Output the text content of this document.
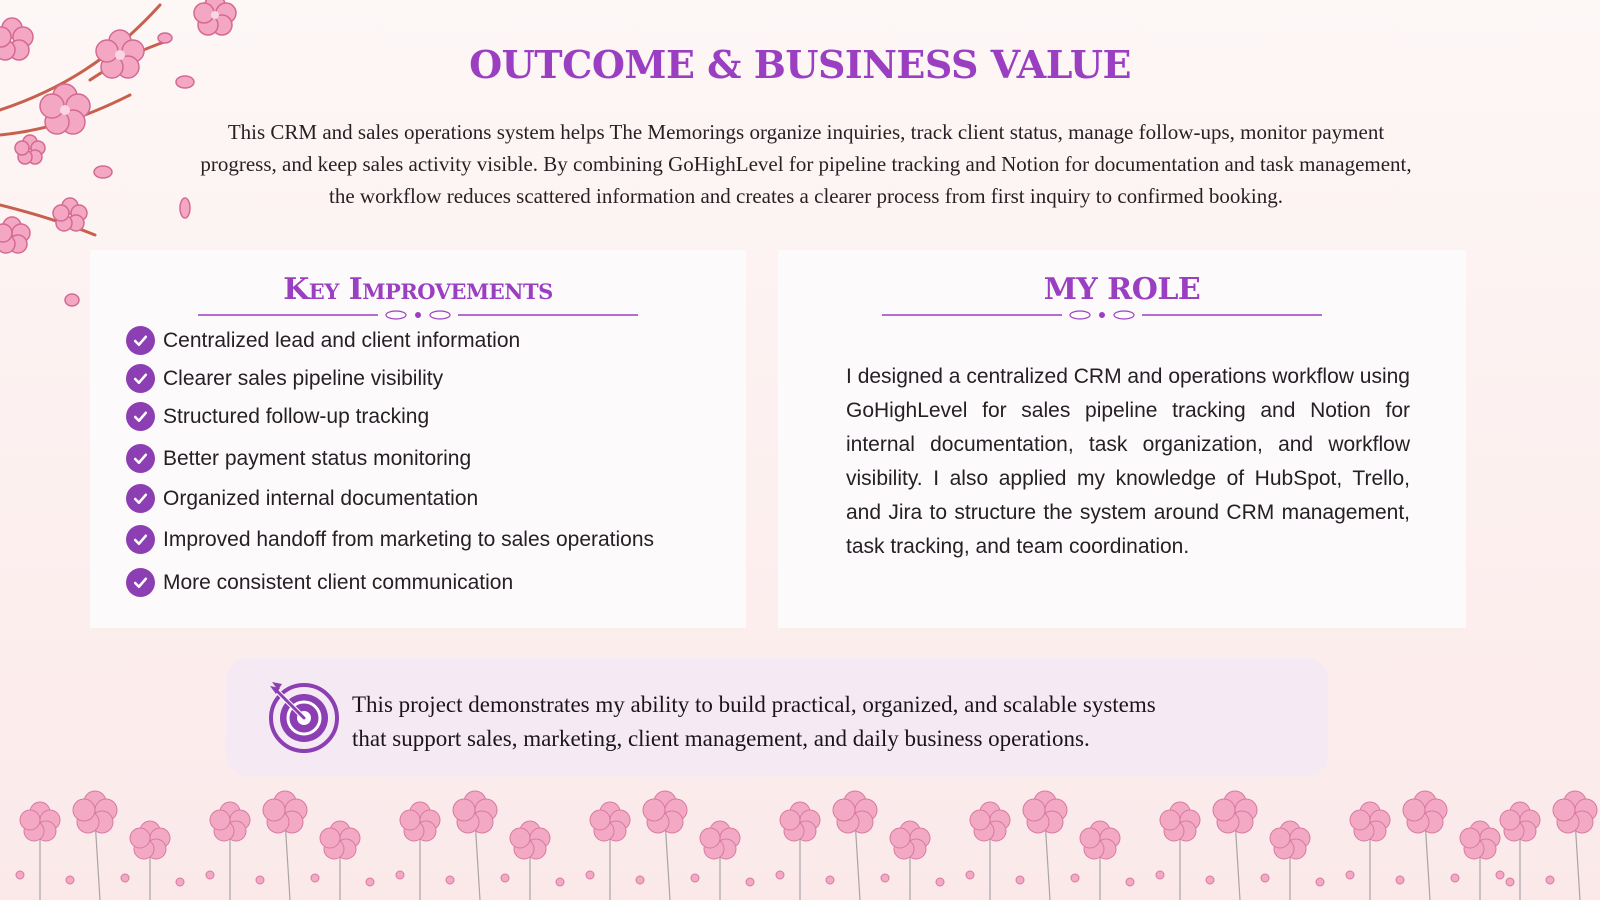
OUTCOME & BUSINESS VALUE

This CRM and sales operations system helps The Memorings organize inquiries, track client status, manage follow-ups, monitor payment progress, and keep sales activity visible. By combining GoHighLevel for pipeline tracking and Notion for documentation and task management, the workflow reduces scattered information and creates a clearer process from first inquiry to confirmed booking.

Key Improvements
Centralized lead and client information
Clearer sales pipeline visibility
Structured follow-up tracking
Better payment status monitoring
Organized internal documentation
Improved handoff from marketing to sales operations
More consistent client communication
MY ROLE

I designed a centralized CRM and operations workflow using GoHighLevel for sales pipeline tracking and Notion for internal documentation, task organization, and workflow visibility. I also applied my knowledge of HubSpot, Trello, and Jira to structure the system around CRM management, task tracking, and team coordination.

This project demonstrates my ability to build practical, organized, and scalable systems
that support sales, marketing, client management, and daily business operations.
